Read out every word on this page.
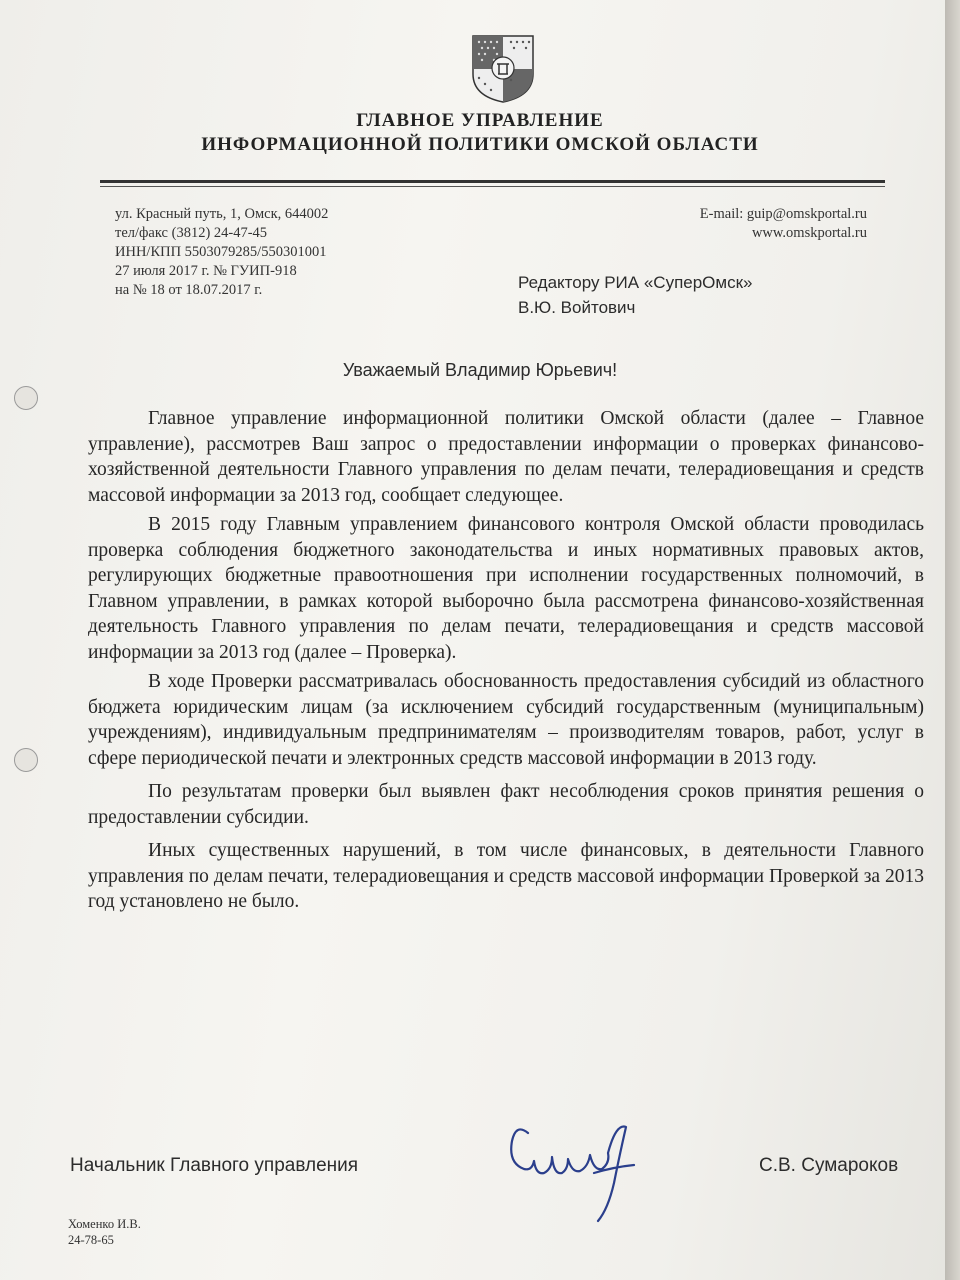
ГЛАВНОЕ УПРАВЛЕНИЕ
ИНФОРМАЦИОННОЙ ПОЛИТИКИ ОМСКОЙ ОБЛАСТИ
ул. Красный путь, 1, Омск, 644002
тел/факс (3812) 24-47-45
ИНН/КПП 5503079285/550301001
27 июля 2017 г. № ГУИП-918
на № 18 от 18.07.2017 г.
E-mail: guip@omskportal.ru
www.omskportal.ru
Редактору РИА «СуперОмск»
В.Ю. Войтович
Уважаемый Владимир Юрьевич!

Главное управление информационной политики Омской области (далее – Главное управление), рассмотрев Ваш запрос о предоставлении информации о проверках финансово-хозяйственной деятельности Главного управления по делам печати, телерадиовещания и средств массовой информации за 2013 год, сообщает следующее.

В 2015 году Главным управлением финансового контроля Омской области проводилась проверка соблюдения бюджетного законодательства и иных нормативных правовых актов, регулирующих бюджетные правоотношения при исполнении государственных полномочий, в Главном управлении, в рамках которой выборочно была рассмотрена финансово-хозяйственная деятельность Главного управления по делам печати, телерадиовещания и средств массовой информации за 2013 год (далее – Проверка).

В ходе Проверки рассматривалась обоснованность предоставления субсидий из областного бюджета юридическим лицам (за исключением субсидий государственным (муниципальным) учреждениям), индивидуальным предпринимателям – производителям товаров, работ, услуг в сфере периодической печати и электронных средств массовой информации в 2013 году.

По результатам проверки был выявлен факт несоблюдения сроков принятия решения о предоставлении субсидии.

Иных существенных нарушений, в том числе финансовых, в деятельности Главного управления по делам печати, телерадиовещания и средств массовой информации Проверкой за 2013 год установлено не было.

Начальник Главного управления	С.В. Сумароков
Хоменко И.В.
24-78-65
